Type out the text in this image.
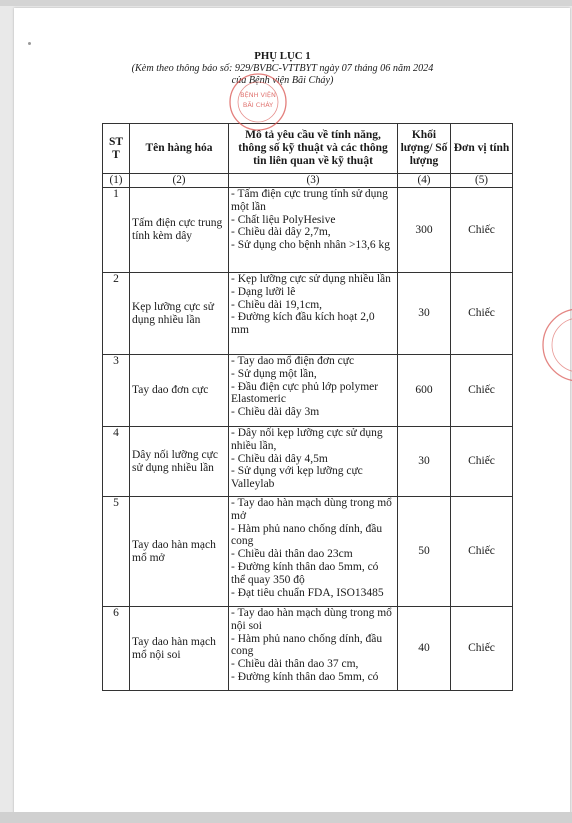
PHỤ LỤC 1
(Kèm theo thông báo số: 929/BVBC-VTTBYT ngày 07 tháng 06 năm 2024
của Bệnh viện Bãi Cháy)
ST T	Tên hàng hóa	Mô tả yêu cầu về tính năng, thông số kỹ thuật và các thông tin liên quan về kỹ thuật	Khối lượng/ Số lượng	Đơn vị tính
(1)	(2)	(3)	(4)	(5)
1	Tấm điện cực trung tính kèm dây	- Tấm điện cực trung tính sử dụng một lần
- Chất liệu PolyHesive
- Chiều dài dây 2,7m,
- Sử dụng cho bệnh nhân >13,6 kg	300	Chiếc
2	Kẹp lưỡng cực sử dụng nhiều lần	- Kẹp lưỡng cực sử dụng nhiều lần
- Dạng lưỡi lê
- Chiều dài 19,1cm,
- Đường kích đầu kích hoạt 2,0 mm	30	Chiếc
3	Tay dao đơn cực	- Tay dao mổ điện đơn cực
- Sử dụng một lần,
- Đầu điện cực phủ lớp polymer Elastomeric
- Chiều dài dây 3m	600	Chiếc
4	Dây nối lưỡng cực sử dụng nhiều lần	- Dây nối kẹp lưỡng cực sử dụng nhiều lần,
- Chiều dài dây 4,5m
- Sử dụng với kẹp lưỡng cực Valleylab	30	Chiếc
5	Tay dao hàn mạch mổ mở	- Tay dao hàn mạch dùng trong mổ mở
- Hàm phủ nano chống dính, đầu cong
- Chiều dài thân dao 23cm
- Đường kính thân dao 5mm, có thể quay 350 độ
- Đạt tiêu chuẩn FDA, ISO13485	50	Chiếc
6	Tay dao hàn mạch mổ nội soi	- Tay dao hàn mạch dùng trong mổ nội soi
- Hàm phủ nano chống dính, đầu cong
- Chiều dài thân dao 37 cm,
- Đường kính thân dao 5mm, có	40	Chiếc
BỆNH VIỆN
BÃI CHÁY
